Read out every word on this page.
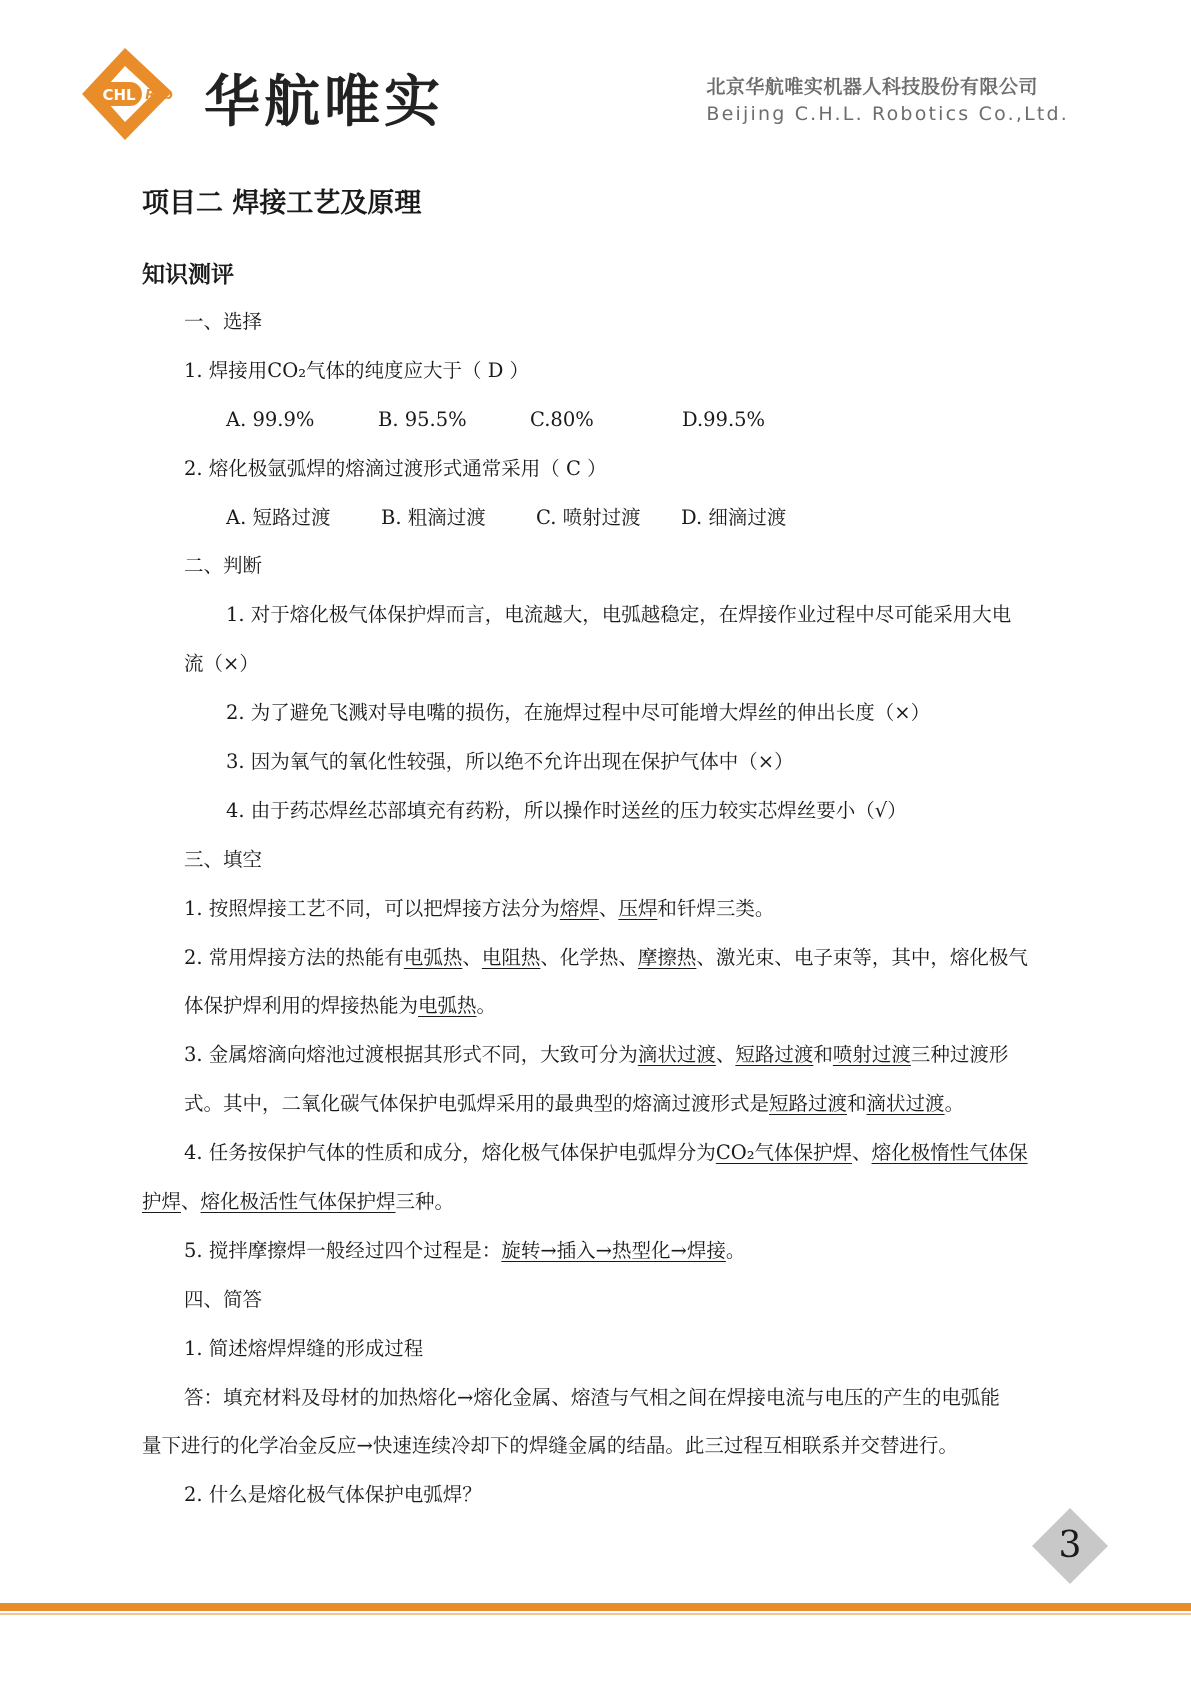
CHL Rob 华航唯实	北京华航唯实机器人科技股份有限公司
Beijing C.H.L. Robotics Co.,Ltd.
项目二 焊接工艺及原理
知识测评
一、选择
1. 焊接用CO₂气体的纯度应大于（ D ）
A. 99.9%	B. 95.5%	C.80%	D.99.5%
2. 熔化极氩弧焊的熔滴过渡形式通常采用（ C ）
A. 短路过渡	B. 粗滴过渡	C. 喷射过渡 D. 细滴过渡
二、判断
1. 对于熔化极气体保护焊而言，电流越大，电弧越稳定，在焊接作业过程中尽可能采用大电
流（×）
2. 为了避免飞溅对导电嘴的损伤，在施焊过程中尽可能增大焊丝的伸出长度（×）
3. 因为氧气的氧化性较强，所以绝不允许出现在保护气体中（×）
4. 由于药芯焊丝芯部填充有药粉，所以操作时送丝的压力较实芯焊丝要小（√）
三、填空
1. 按照焊接工艺不同，可以把焊接方法分为熔焊、压焊和钎焊三类。
2. 常用焊接方法的热能有电弧热、电阻热、化学热、摩擦热、激光束、电子束等，其中，熔化极气
体保护焊利用的焊接热能为电弧热。
3. 金属熔滴向熔池过渡根据其形式不同，大致可分为滴状过渡、短路过渡和喷射过渡三种过渡形
式。其中，二氧化碳气体保护电弧焊采用的最典型的熔滴过渡形式是短路过渡和滴状过渡。
4. 任务按保护气体的性质和成分，熔化极气体保护电弧焊分为CO₂气体保护焊、熔化极惰性气体保
护焊、熔化极活性气体保护焊三种。
5. 搅拌摩擦焊一般经过四个过程是：旋转→插入→热型化→焊接。
四、简答
1. 简述熔焊焊缝的形成过程
答：填充材料及母材的加热熔化→熔化金属、熔渣与气相之间在焊接电流与电压的产生的电弧能
量下进行的化学冶金反应→快速连续冷却下的焊缝金属的结晶。此三过程互相联系并交替进行。
2. 什么是熔化极气体保护电弧焊？
3
